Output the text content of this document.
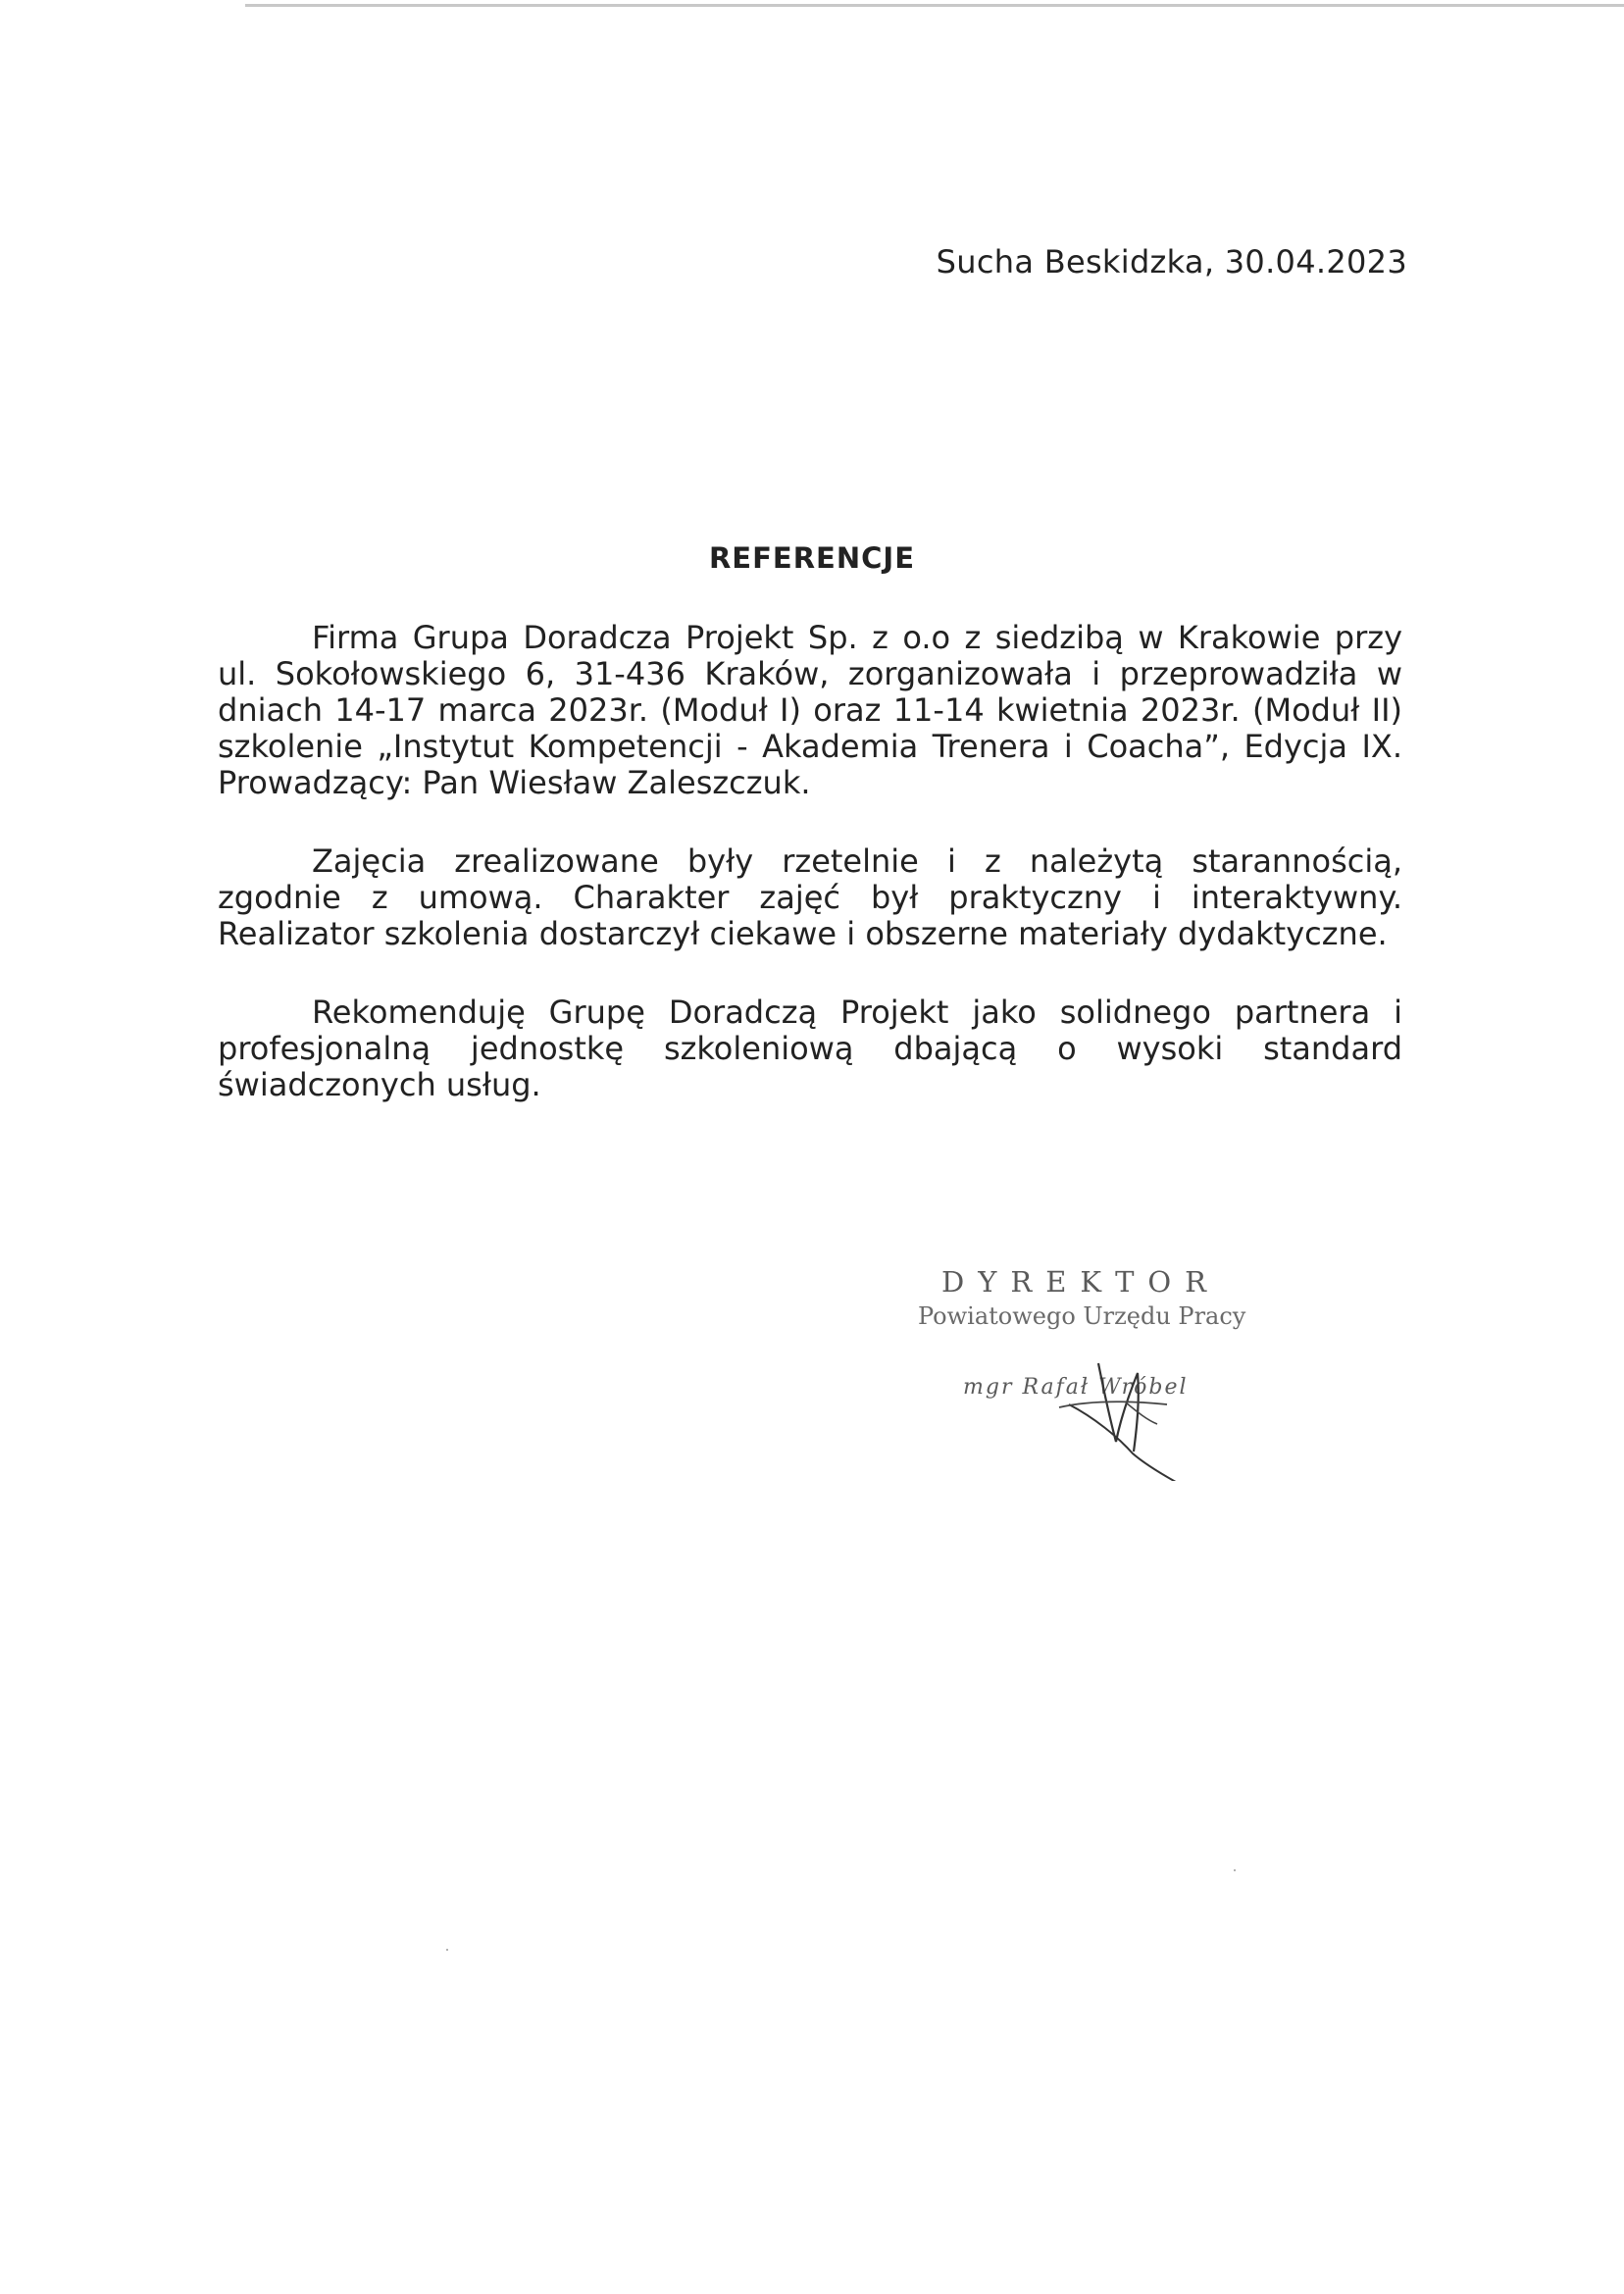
Sucha Beskidzka, 30.04.2023
REFERENCJE

Firma Grupa Doradcza Projekt Sp. z o.o z siedzibą w Krakowie przy ul. Sokołowskiego 6, 31-436 Kraków, zorganizowała i przeprowadziła w dniach 14-17 marca 2023r. (Moduł I) oraz 11-14 kwietnia 2023r. (Moduł II) szkolenie „Instytut Kompetencji - Akademia Trenera i Coacha”, Edycja IX. Prowadzący: Pan Wiesław Zaleszczuk.

Zajęcia zrealizowane były rzetelnie i z należytą starannością, zgodnie z umową. Charakter zajęć był praktyczny i interaktywny. Realizator szkolenia dostarczył ciekawe i obszerne materiały dydaktyczne.

Rekomenduję Grupę Doradczą Projekt jako solidnego partnera i profesjonalną jednostkę szkoleniową dbającą o wysoki standard świadczonych usług.

DYREKTOR
Powiatowego Urzędu Pracy
mgr Rafał Wróbel
